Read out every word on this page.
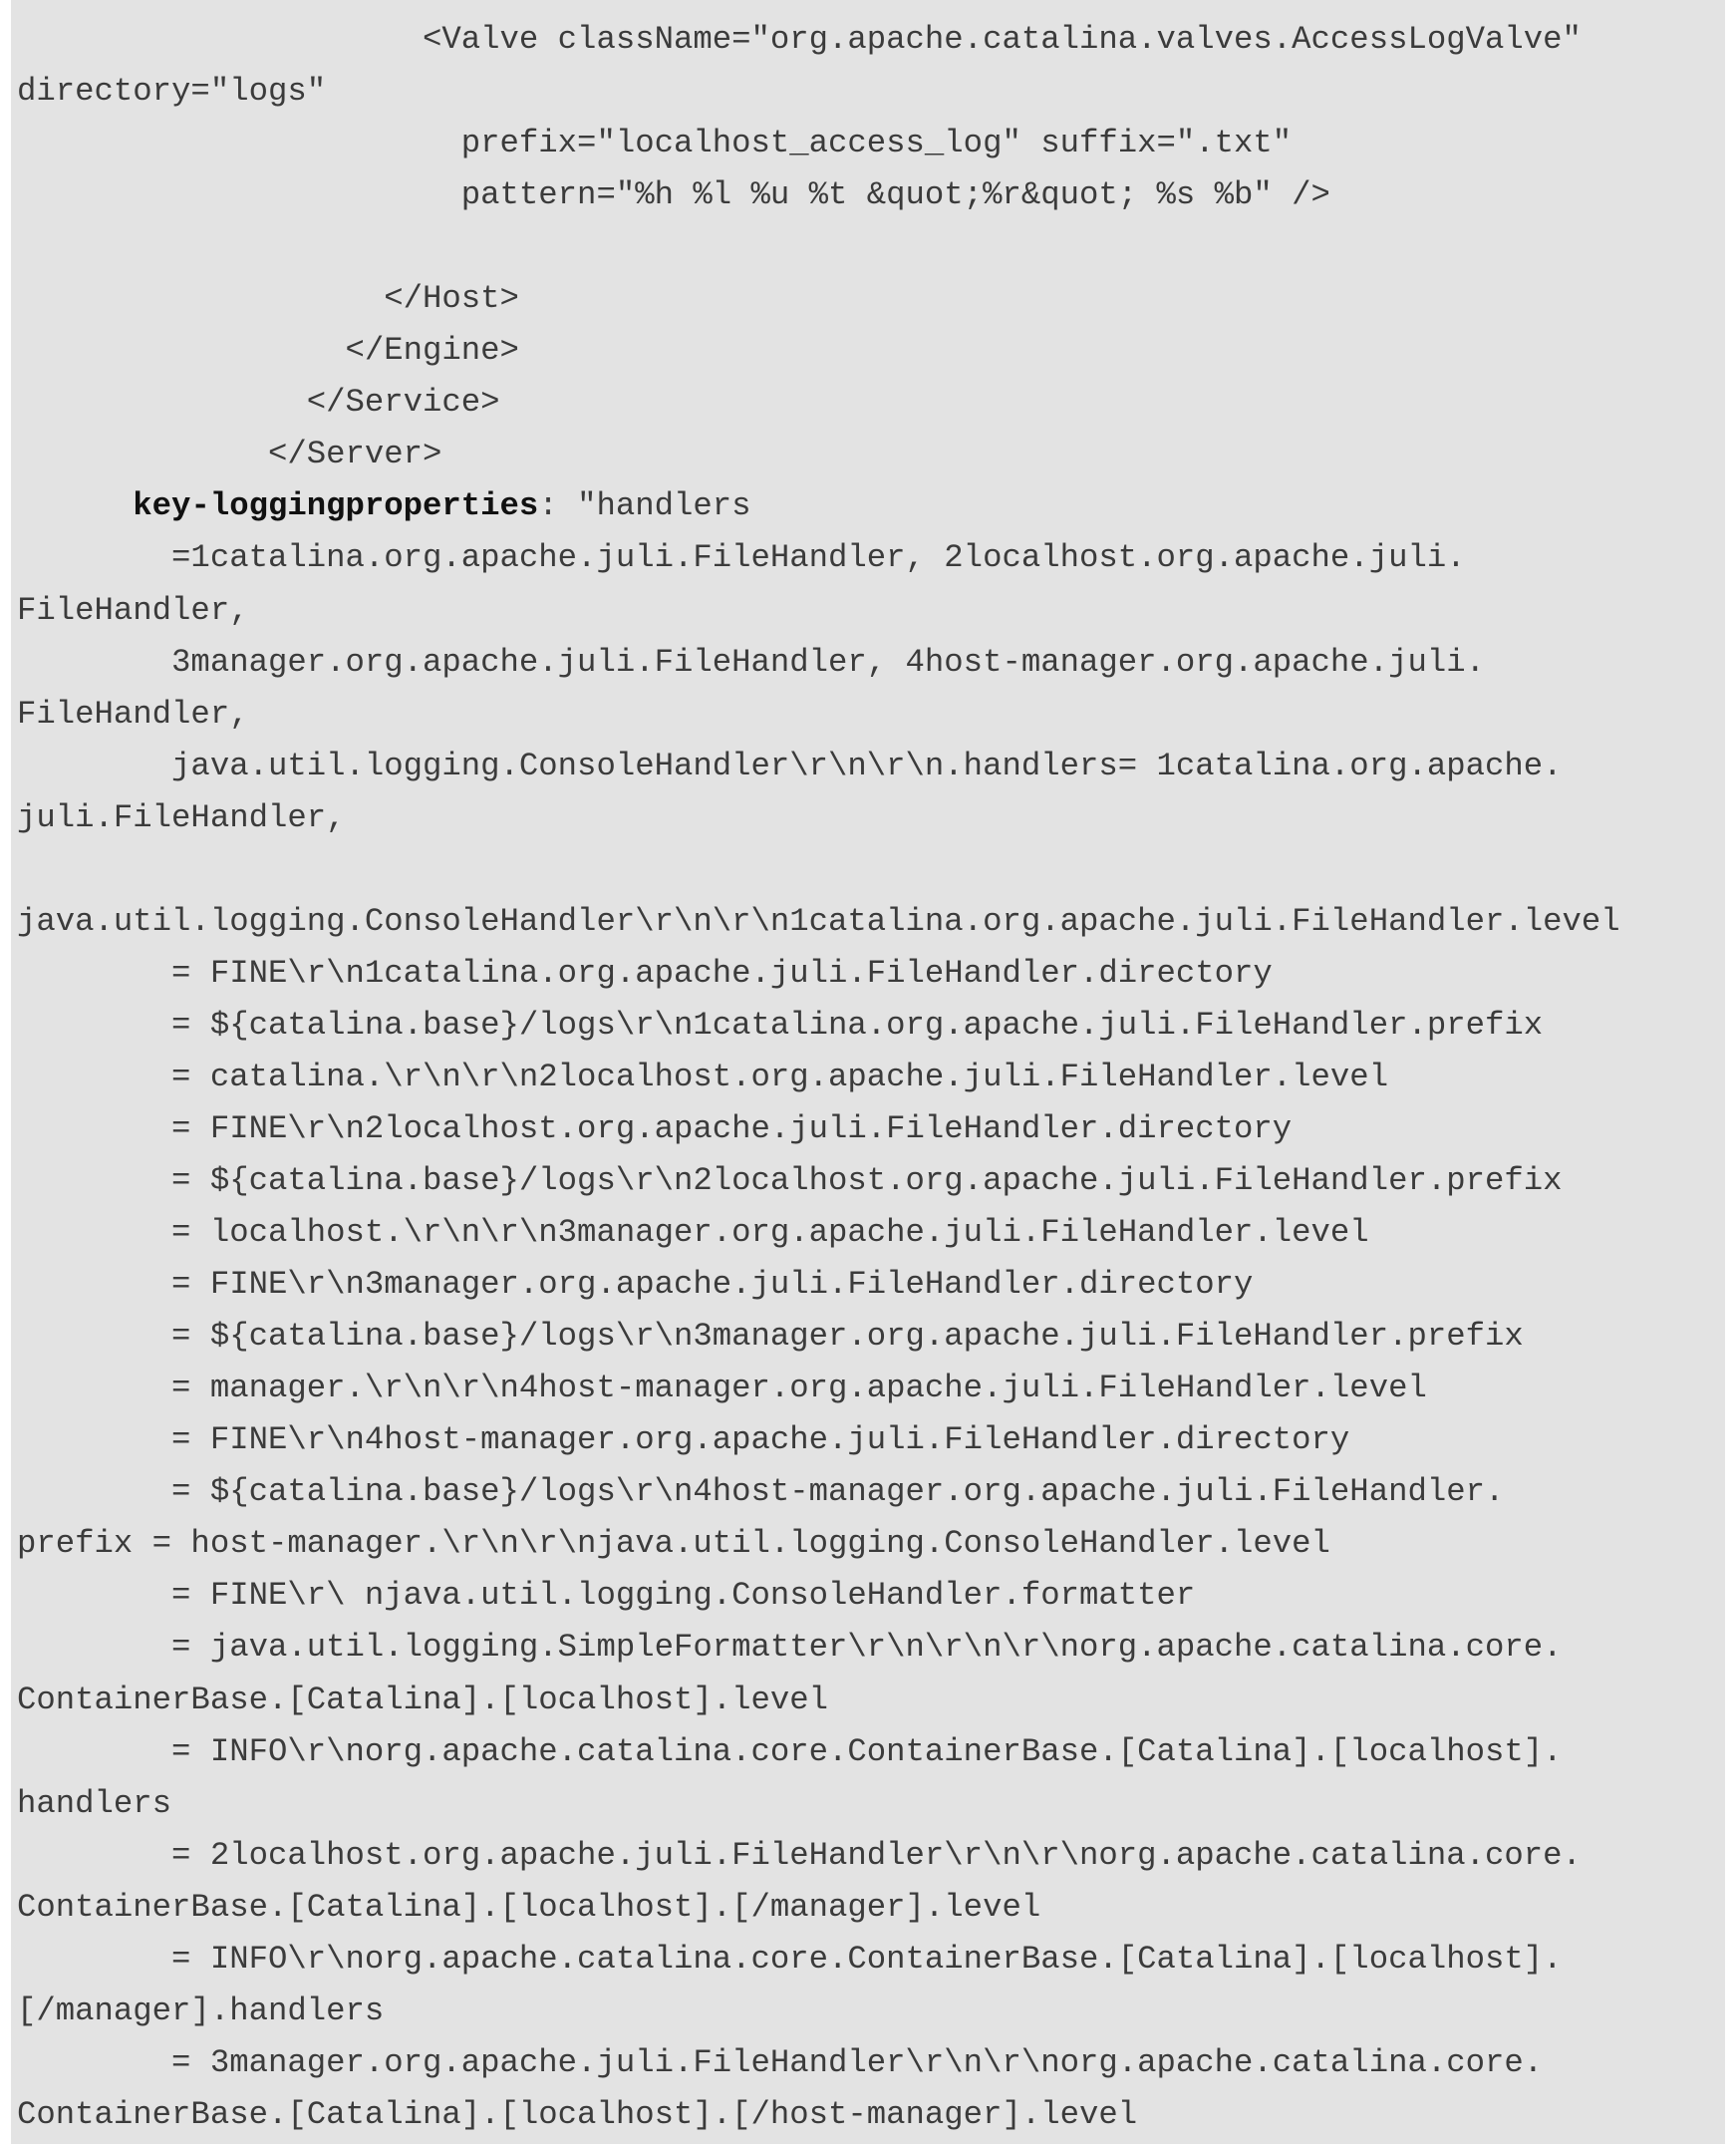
<Valve className="org.apache.catalina.valves.AccessLogValve"
directory="logs"
prefix="localhost_access_log" suffix=".txt"
pattern="%h %l %u %t &quot;%r&quot; %s %b" />
</Host>
</Engine>
</Service>
</Server>
key-loggingproperties: "handlers
=1catalina.org.apache.juli.FileHandler, 2localhost.org.apache.juli.
FileHandler,
3manager.org.apache.juli.FileHandler, 4host-manager.org.apache.juli.
FileHandler,
java.util.logging.ConsoleHandler\r\n\r\n.handlers= 1catalina.org.apache.
juli.FileHandler,
java.util.logging.ConsoleHandler\r\n\r\n1catalina.org.apache.juli.FileHandler.level
= FINE\r\n1catalina.org.apache.juli.FileHandler.directory
= ${catalina.base}/logs\r\n1catalina.org.apache.juli.FileHandler.prefix
= catalina.\r\n\r\n2localhost.org.apache.juli.FileHandler.level
= FINE\r\n2localhost.org.apache.juli.FileHandler.directory
= ${catalina.base}/logs\r\n2localhost.org.apache.juli.FileHandler.prefix
= localhost.\r\n\r\n3manager.org.apache.juli.FileHandler.level
= FINE\r\n3manager.org.apache.juli.FileHandler.directory
= ${catalina.base}/logs\r\n3manager.org.apache.juli.FileHandler.prefix
= manager.\r\n\r\n4host-manager.org.apache.juli.FileHandler.level
= FINE\r\n4host-manager.org.apache.juli.FileHandler.directory
= ${catalina.base}/logs\r\n4host-manager.org.apache.juli.FileHandler.
prefix = host-manager.\r\n\r\njava.util.logging.ConsoleHandler.level
= FINE\r\ njava.util.logging.ConsoleHandler.formatter
= java.util.logging.SimpleFormatter\r\n\r\n\r\norg.apache.catalina.core.
ContainerBase.[Catalina].[localhost].level
= INFO\r\norg.apache.catalina.core.ContainerBase.[Catalina].[localhost].
handlers
= 2localhost.org.apache.juli.FileHandler\r\n\r\norg.apache.catalina.core.
ContainerBase.[Catalina].[localhost].[/manager].level
= INFO\r\norg.apache.catalina.core.ContainerBase.[Catalina].[localhost].
[/manager].handlers
= 3manager.org.apache.juli.FileHandler\r\n\r\norg.apache.catalina.core.
ContainerBase.[Catalina].[localhost].[/host-manager].level
